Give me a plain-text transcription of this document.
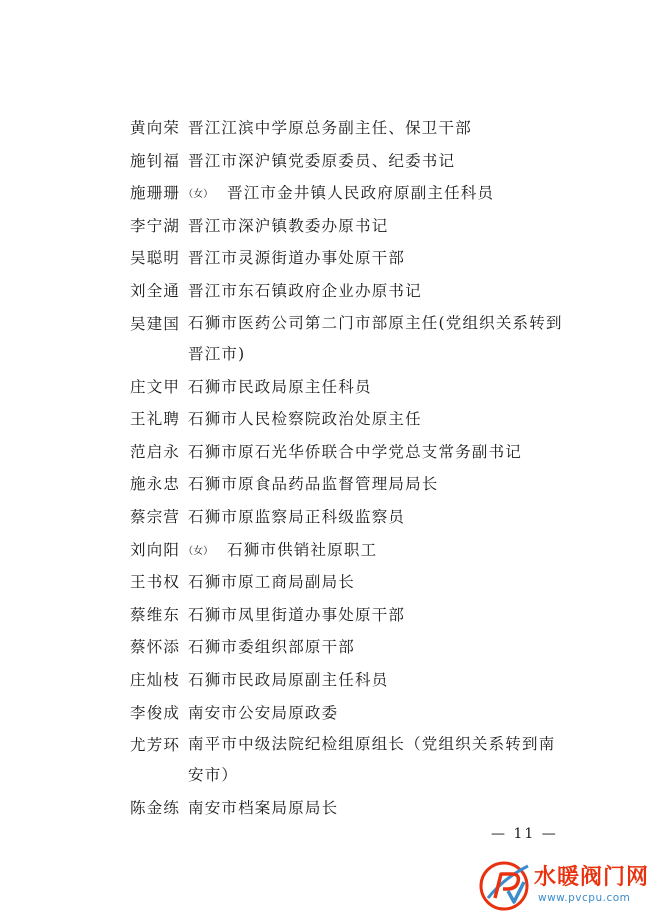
黄向荣 晋江江滨中学原总务副主任、保卫干部
施钊福 晋江市深沪镇党委原委员、纪委书记
施珊珊 （女） 晋江市金井镇人民政府原副主任科员
李宁湖 晋江市深沪镇教委办原书记
吴聪明 晋江市灵源街道办事处原干部
刘全通 晋江市东石镇政府企业办原书记
吴建国 石狮市医药公司第二门市部原主任(党组织关系转到晋江市)
庄文甲 石狮市民政局原主任科员
王礼聘 石狮市人民检察院政治处原主任
范启永 石狮市原石光华侨联合中学党总支常务副书记
施永忠 石狮市原食品药品监督管理局局长
蔡宗营 石狮市原监察局正科级监察员
刘向阳 （女） 石狮市供销社原职工
王书权 石狮市原工商局副局长
蔡维东 石狮市凤里街道办事处原干部
蔡怀添 石狮市委组织部原干部
庄灿枝 石狮市民政局原副主任科员
李俊成 南安市公安局原政委
尤芳环 南平市中级法院纪检组原组长（党组织关系转到南安市）
陈金练 南安市档案局原局长
— 11 —
水暖阀门网
www.pvcpu.com
